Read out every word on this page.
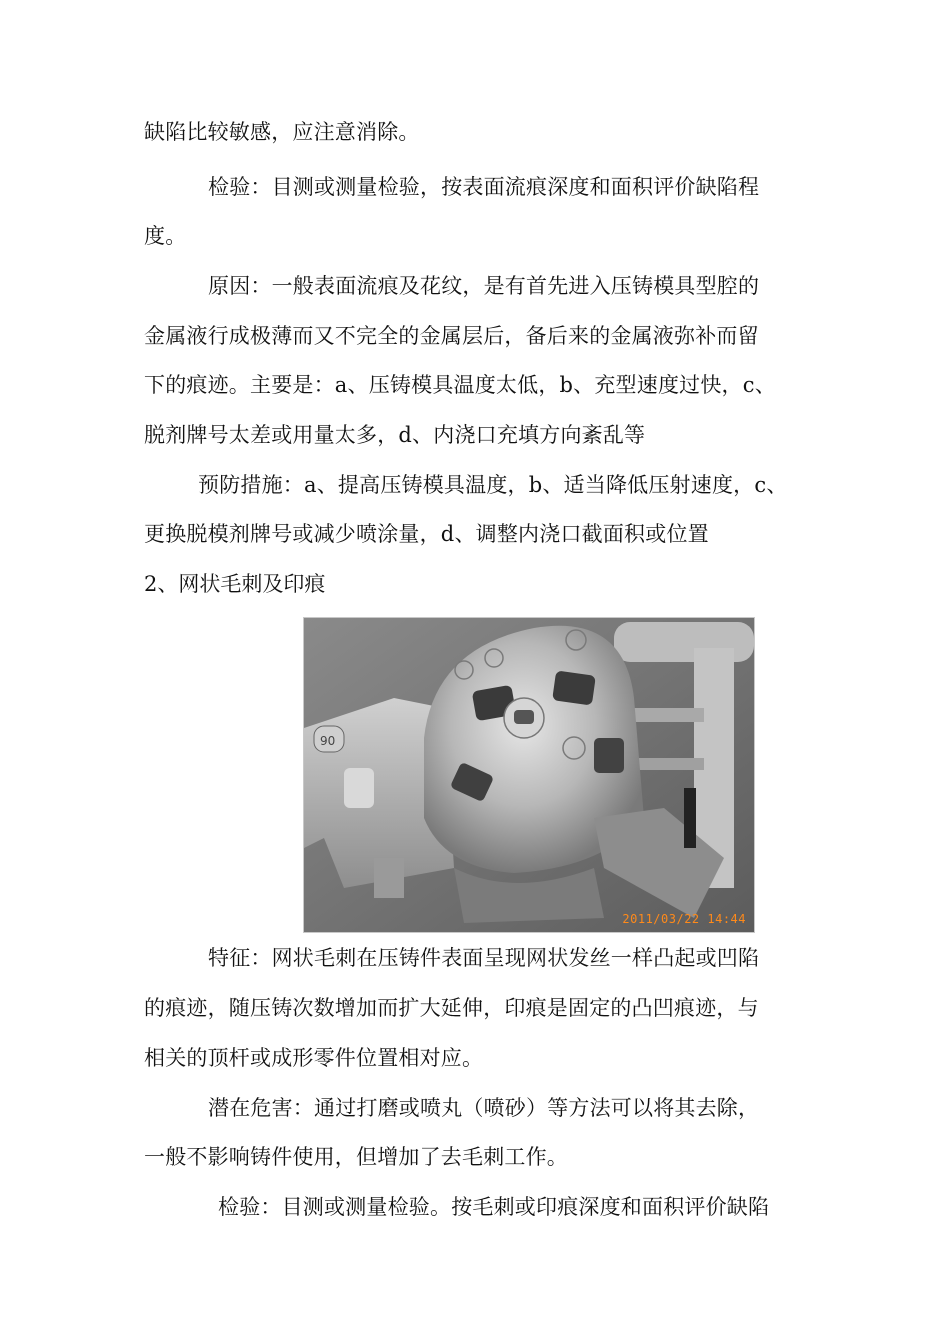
缺陷比较敏感，应注意消除。
检验：目测或测量检验，按表面流痕深度和面积评价缺陷程
度。
原因：一般表面流痕及花纹，是有首先进入压铸模具型腔的
金属液行成极薄而又不完全的金属层后，备后来的金属液弥补而留
下的痕迹。主要是：a、压铸模具温度太低，b、充型速度过快，c、
脱剂牌号太差或用量太多，d、内浇口充填方向紊乱等
预防措施：a、提高压铸模具温度，b、适当降低压射速度，c、
更换脱模剂牌号或减少喷涂量，d、调整内浇口截面积或位置
2、网状毛刺及印痕
90
2011/03/22 14:44
特征：网状毛刺在压铸件表面呈现网状发丝一样凸起或凹陷
的痕迹，随压铸次数增加而扩大延伸，印痕是固定的凸凹痕迹，与
相关的顶杆或成形零件位置相对应。
潜在危害：通过打磨或喷丸（喷砂）等方法可以将其去除，
一般不影响铸件使用，但增加了去毛刺工作。
检验：目测或测量检验。按毛刺或印痕深度和面积评价缺陷
